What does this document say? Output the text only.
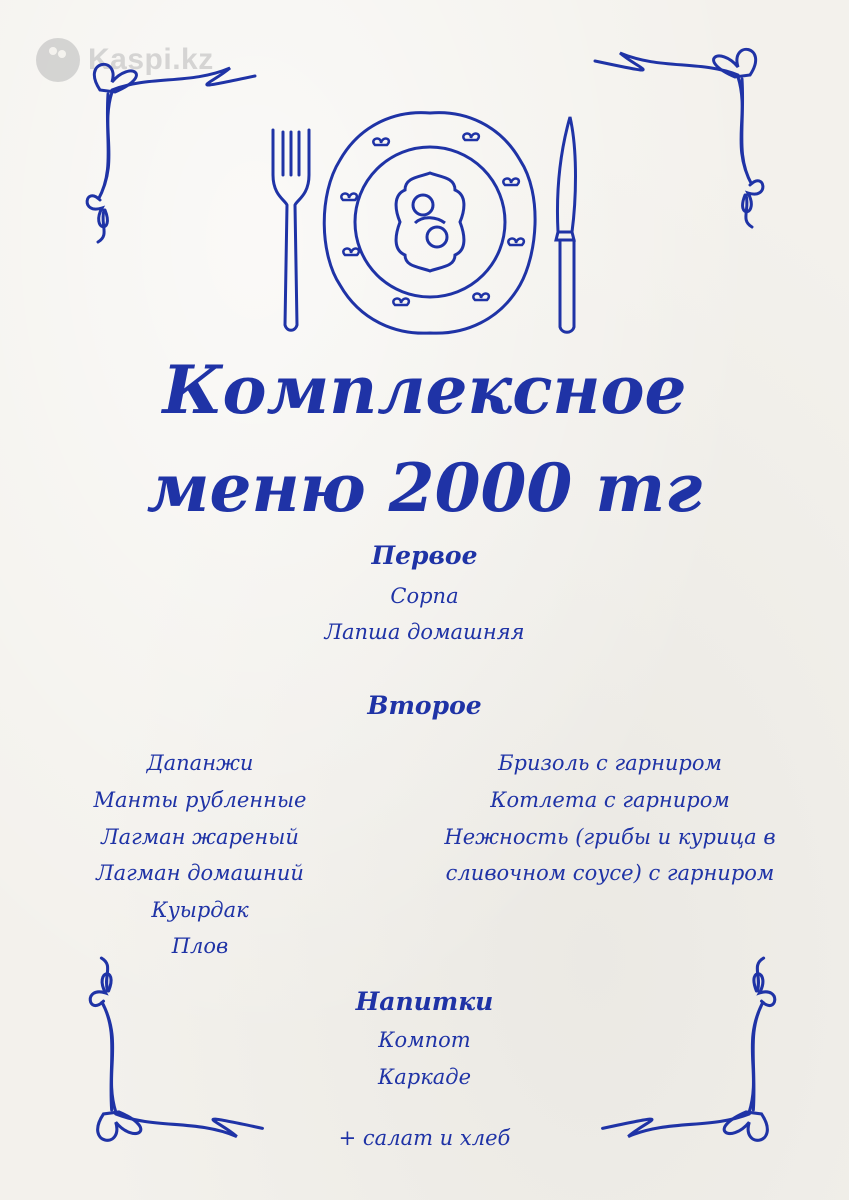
Kaspi.kz
Комплексное
меню 2000 тг
Первое
Сорпа
Лапша домашняя
Второе
Дапанжи
Манты рубленные
Лагман жареный
Лагман домашний
Куырдак
Плов
Бризоль с гарниром
Котлета с гарниром
Нежность (грибы и курица в
сливочном соусе) с гарниром
Напитки
Компот
Каркаде
+ салат и хлеб
